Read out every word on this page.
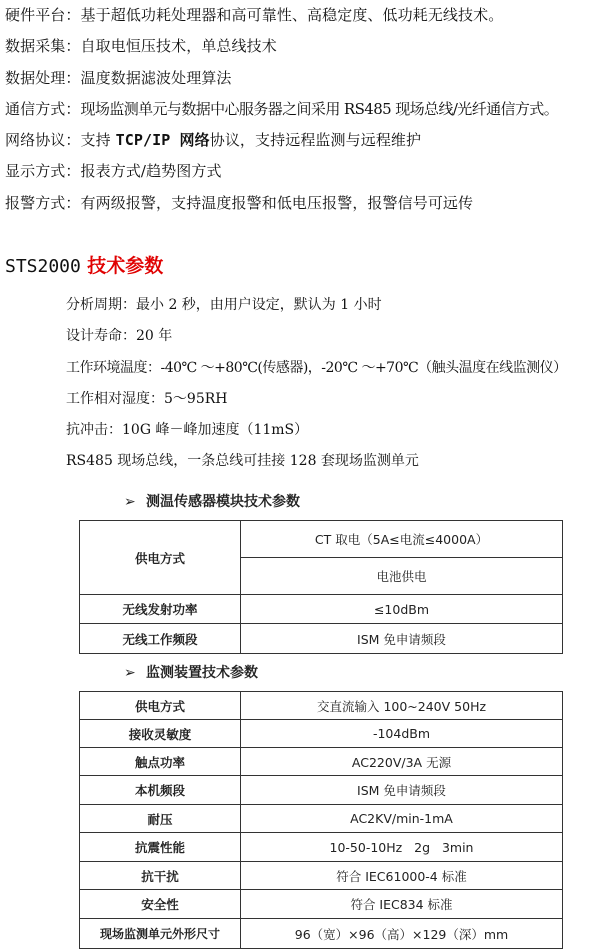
硬件平台：基于超低功耗处理器和高可靠性、高稳定度、低功耗无线技术。
数据采集：自取电恒压技术，单总线技术
数据处理：温度数据滤波处理算法
通信方式：现场监测单元与数据中心服务器之间采用 RS485 现场总线/光纤通信方式。
网络协议：支持 TCP/IP 网络协议，支持远程监测与远程维护
显示方式：报表方式/趋势图方式
报警方式：有两级报警，支持温度报警和低电压报警，报警信号可远传
STS2000 技术参数
分析周期：最小 2 秒，由用户设定，默认为 1 小时
设计寿命：20 年
工作环境温度：-40℃ ～+80℃(传感器)，-20℃ ～+70℃（触头温度在线监测仪）
工作相对湿度：5～95RH
抗冲击：10G 峰－峰加速度（11mS）
RS485 现场总线，一条总线可挂接 128 套现场监测单元
➢ 测温传感器模块技术参数
供电方式	CT 取电（5A≤电流≤4000A）
	电池供电
无线发射功率	≤10dBm
无线工作频段	ISM 免申请频段
➢ 监测装置技术参数
供电方式	交直流输入 100~240V 50Hz
接收灵敏度	-104dBm
触点功率	AC220V/3A 无源
本机频段	ISM 免申请频段
耐压	AC2KV/min-1mA
抗震性能	10-50-10Hz   2g   3min
抗干扰	符合 IEC61000-4 标准
安全性	符合 IEC834 标准
现场监测单元外形尺寸	96（宽）×96（高）×129（深）mm
